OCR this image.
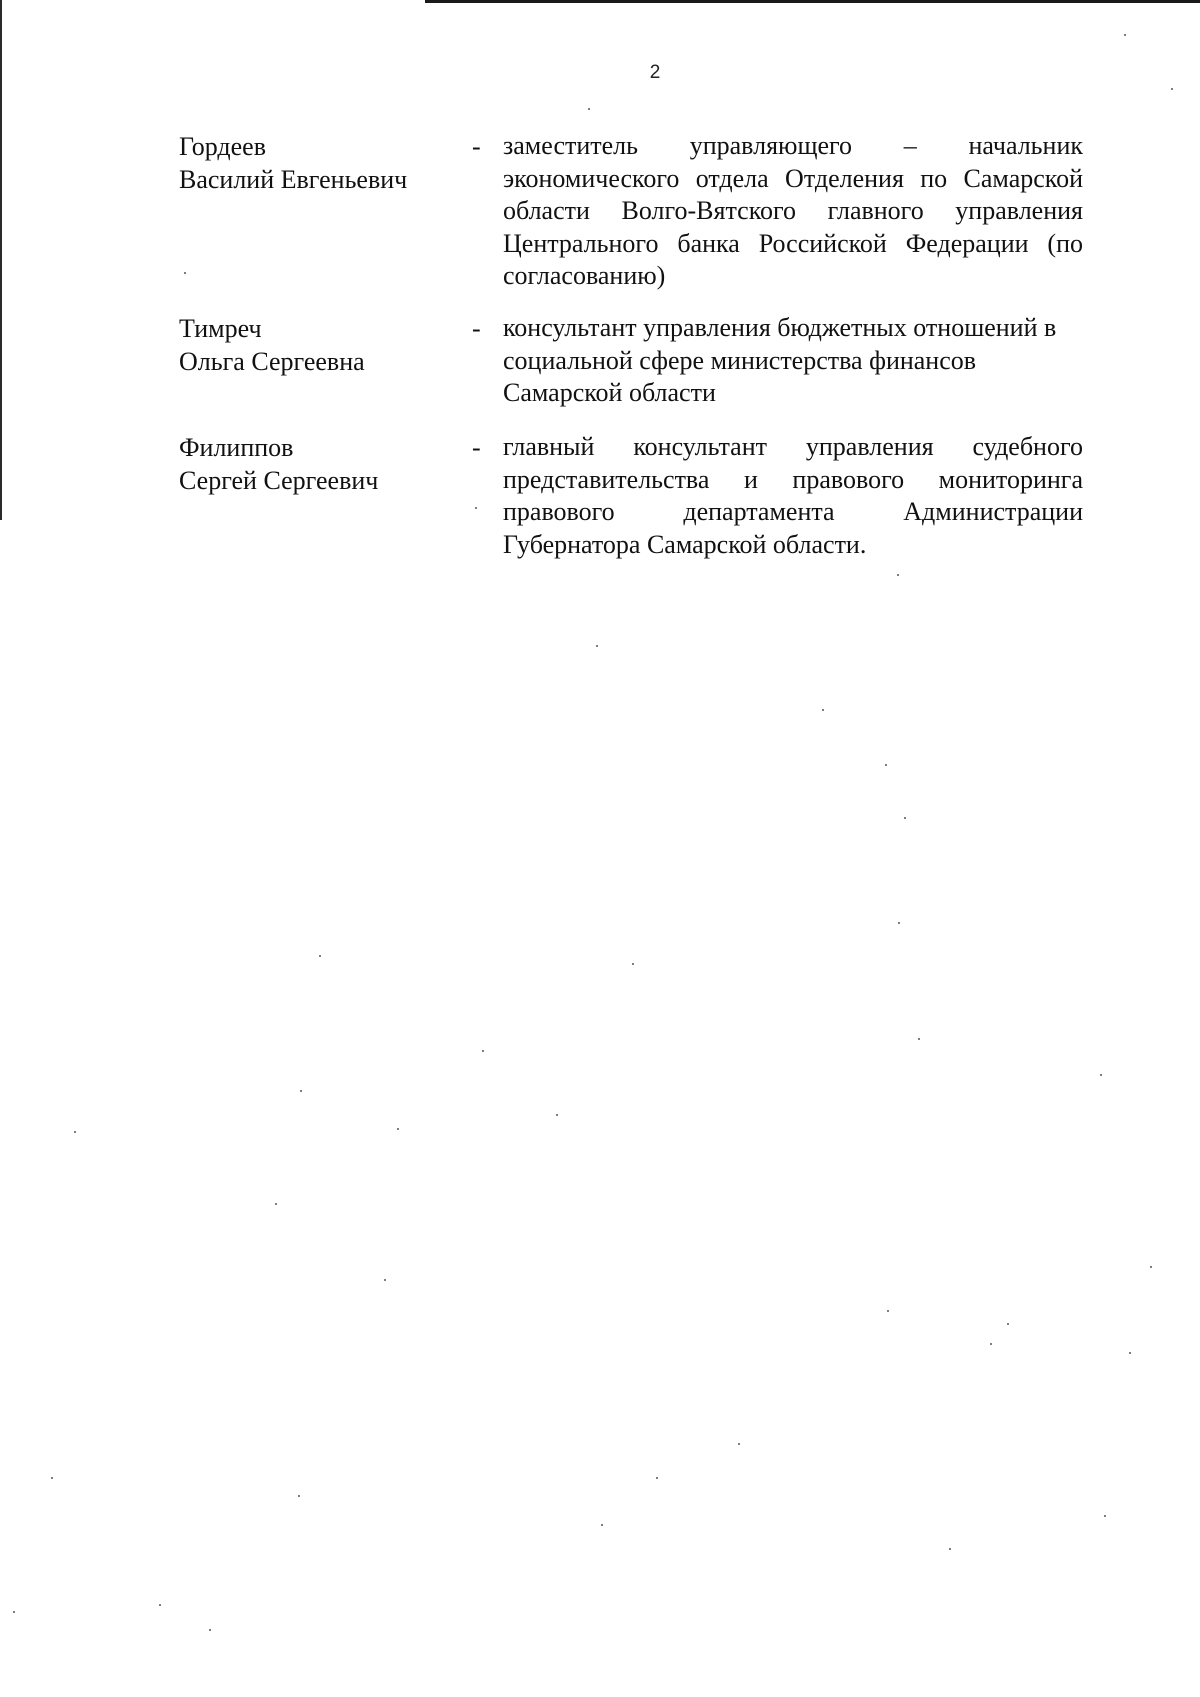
2
Гордеев
Василий Евгеньевич
- заместитель управляющего – начальник экономического отдела Отделения по Самарской области Волго-Вятского главного управления Центрального банка Российской Федерации (по согласованию)
Тимреч
Ольга Сергеевна
- консультант управления бюджетных отношений в социальной сфере министерства финансов Самарской области
Филиппов
Сергей Сергеевич
- главный консультант управления судебного представительства и правового мониторинга правового департамента Администрации Губернатора Самарской области.
